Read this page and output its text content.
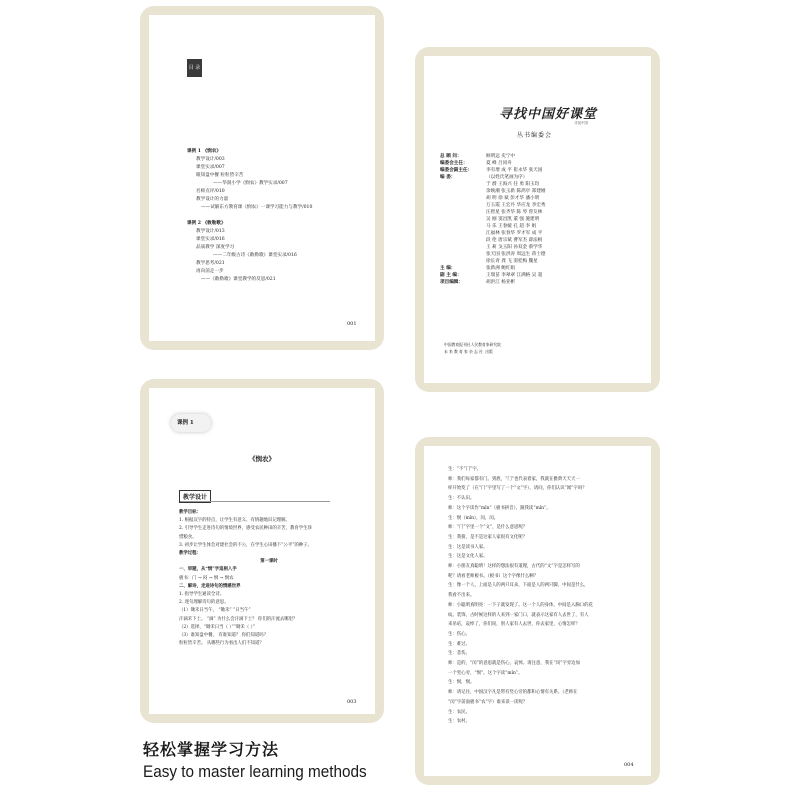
目 录
课例 1 《悯农》
教学设计/003
课堂实录/007
眼知盘中餐 粒粒皆辛苦
——华润小学《悯农》教学实录/007
名师点评/010
教学设计的力量
——试解东方教育课《悯农》一课学习能力与教学/010
课例 2 《敕勒歌》
教学设计/013
课堂实录/016
品质教学 深度学习
——二年级古诗《敕勒歌》课堂实录/016
教学思考/021
再向前走一步
——《敕勒歌》课堂教学的反思/021
001
寻找中国好课堂
寻找中国
丛书编委会
总 顾 问：	顾明远 史宁中
编委会主任：	夏 峰 吕同舟
编委会副主任：	李有增 成 平 崔永华 张天国
编 委：	（以姓氏笔画为序）
于 漪 王海兴 任 勇 阳玉均
余映潮 张玉新 陈鸿亭 郑建刚
胡 明 徐 斌 彭才华 潘小明
万玉霞 王宏丹 华应龙 李宏秀
汪智星 张齐华 陈 琴 曾友林
吴 刚 窦昌凯 董 强 施建明
马 乐 王春媛 孔 超 李 娟
江福林 张春华 罗才军 成 平
段 伦 唐宗斌 曹军杰 薛法根
王 莉 戈玉阳 孙双金 蔡学华
张天国 张洪涛 周远生 蒋士德
徐长青 龚 飞 窦桂梅 魏星
主 编：	张新洲 鲍红娟
副 主 编：	王瑞苗 李翠翠 江满格 吴 超
项目编辑：	胡洪江 杨亚彬
中国教育报刊社人民教育家研究院
未 来 教 育 家 杂 志 社 出版
课例 1
《悯农》
教学设计
教学目标：
1. 根据汉字的特点，让学生有意义、有情趣地识记理解。
2. 引导学生走进诗句的情境世界，感受农民种田的辛苦，教育学生珍
惜粮食。
3. 初步让学生体会对建社会的不公，在学生心田播下“公平”的种子。
教学过程：
第一课时
一、审题，从“悯”字追根入手
板书：门 → 闷 → 悯 → 悯农
二、解诗，走进诗句的情感世界
1. 指导学生通读全诗。
2. 逐句理解诗句的意思。
（1）锄禾日当午， “锄禾” “日当午”
汗滴禾下土。 “滴” 为什么会汗滴下土？ 你们的汗流去哪里？
（2）选择，“锄禾日当（ ）”“锄禾（ ）”
（3）谁知盘中餐， 有谁知道？ 你们知道吗？
粒粒皆辛苦。 从哪些行为看出人们不知道？
003
生：“不”门”字。
师：我们每家都有门。到底，“门”也代表着家，我就在雅典天天天一
样开始变了（在“门”字里写了一个“文”字），请问，你们认识“闻”字吗？
生：不认识。
师：这个字读作“mǐn”（板书拼音），跟我读“mǐn”。
生：悯（mǐn），闵，闵。
师：“门”字里一个“文”，是什么意思呢？
生：我猜，是不是这家人家很有文化呢？
生：这是读书人家。
生：这是文化人家。
师：小朋友真聪明！这样的想法很有道理，古代的“文”字是怎样写的
呢？请看老师板书。（板书）这个字像什么啊？
生：像一个人，上面是人的两只耳朵，下面是人的两只脚，中间是什么，
我看不出来。
师：小聪明真明亮：一下子就发现了。这一个人的身体，中间是入胸口的花
纹。装饰，古时候这样的人来到一家门口，就表示这家有人去世了，有人
来吊唁，哀悼了，你们说，别人家有人去世，你去家里，心情怎样？
生：伤心。
生：难过。
生：悲伤。
师：是的，“闵”的意思就是伤心，哀悼。请注意，我在“闵”字旁边加
一个竖心旁，“悯”。这个字读“mǐn”。
生：悯，悯。
师：请记住，中国汉字凡是带有竖心旁的都和心情有关系。（老师在
“闵”字前面板书“农”字）谁来读一读呢？
生：农民。
生：农村。
004
轻松掌握学习方法
Easy to master learning methods
